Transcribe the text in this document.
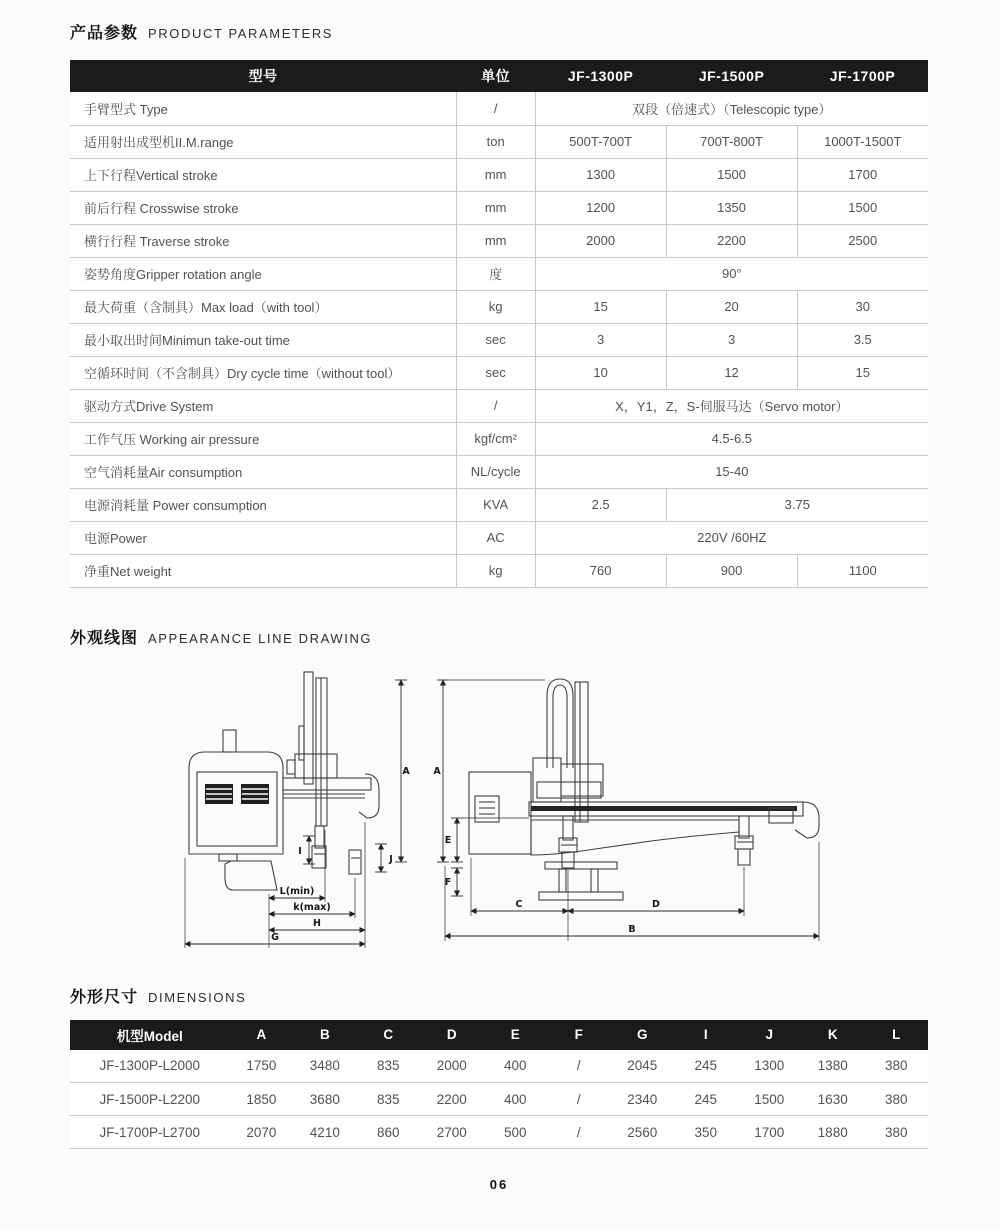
产品参数 PRODUCT PARAMETERS
型号	单位	JF-1300P	JF-1500P	JF-1700P
手臂型式 Type	/	双段（倍速式）（Telescopic type）		
适用射出成型机II.M.range	ton	500T-700T	700T-800T	1000T-1500T
上下行程Vertical stroke	mm	1300	1500	1700
前后行程 Crosswise stroke	mm	1200	1350	1500
横行行程 Traverse stroke	mm	2000	2200	2500
姿势角度Gripper rotation angle	度	90°		
最大荷重（含制具）Max load（with tool）	kg	15	20	30
最小取出时间Minimun take-out time	sec	3	3	3.5
空循环时间（不含制具）Dry cycle time（without tool）	sec	10	12	15
驱动方式Drive System	/	X，Y1，Z，S-伺服马达（Servo motor）		
工作气压 Working air pressure	kgf/cm²	4.5-6.5		
空气消耗量Air consumption	NL/cycle	15-40		
电源消耗量 Power consumption	KVA	2.5	3.75	
电源Power	AC	220V /60HZ		
净重Net weight	kg	760	900	1100
外观线图 APPEARANCE LINE DRAWING
A
I
J
L(min)
k(max)
H
G
A
E
F
C	D
B
外形尺寸 DIMENSIONS
机型Model	A	B	C	D	E	F	G	I	J	K	L
JF-1300P-L2000	1750	3480	835	2000	400	/	2045	245	1300	1380	380
JF-1500P-L2200	1850	3680	835	2200	400	/	2340	245	1500	1630	380
JF-1700P-L2700	2070	4210	860	2700	500	/	2560	350	1700	1880	380
06
